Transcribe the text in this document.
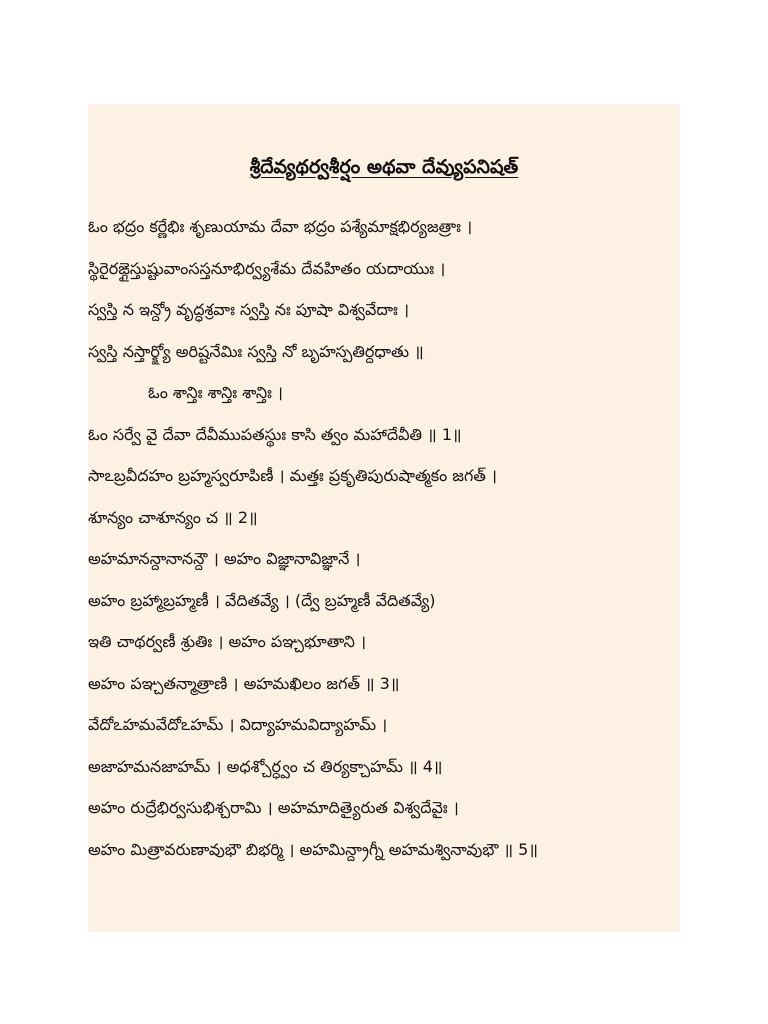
శ్రీదేవ్యథర్వశీర్షం అథవా దేవ్యుపనిషత్
ఓం భద్రం కర్ణేభిః శృణుయామ దేవా భద్రం పశ్యేమాక్షభిర్యజత్రాః ।
స్థిరైరఙ్గైస్తుష్టువాంసస్తనూభిర్వ్యశేమ దేవహితం యదాయుః ।
స్వస్తి న ఇన్ద్రో వృద్ధశ్రవాః స్వస్తి నః పూషా విశ్వవేదాః ।
స్వస్తి నస్తార్క్ష్యో అరిష్టనేమిః స్వస్తి నో బృహస్పతిర్దధాతు ॥
ఓం శాన్తిః శాన్తిః శాన్తిః ।
ఓం సర్వే వై దేవా దేవీముపతస్థుః కాసి త్వం మహాదేవీతి ॥ 1॥
సాఽబ్రవీదహం బ్రహ్మస్వరూపిణీ । మత్తః ప్రకృతిపురుషాత్మకం జగత్ ।
శూన్యం చాశూన్యం చ ॥ 2॥
అహమానన్దానానన్దౌ । అహం విజ్ఞానావిజ్ఞానే ।
అహం బ్రహ్మాబ్రహ్మణీ । వేదితవ్యే । (ద్వే బ్రహ్మణీ వేదితవ్యే)
ఇతి చాథర్వణీ శ్రుతిః । అహం పఞ్చభూతాని ।
అహం పఞ్చతన్మాత్రాణి । అహమఖిలం జగత్ ॥ 3॥
వేదోఽహమవేదోఽహమ్ । విద్యాహమవిద్యాహమ్ ।
అజాహమనజాహమ్ । అధశ్చోర్ధ్వం చ తిర్యక్చాహమ్ ॥ 4॥
అహం రుద్రేభిర్వసుభిశ్చరామి । అహమాదిత్యైరుత విశ్వదేవైః ।
అహం మిత్రావరుణావుభౌ బిభర్మి । అహమిన్ద్రాగ్నీ అహమశ్వినావుభౌ ॥ 5॥
